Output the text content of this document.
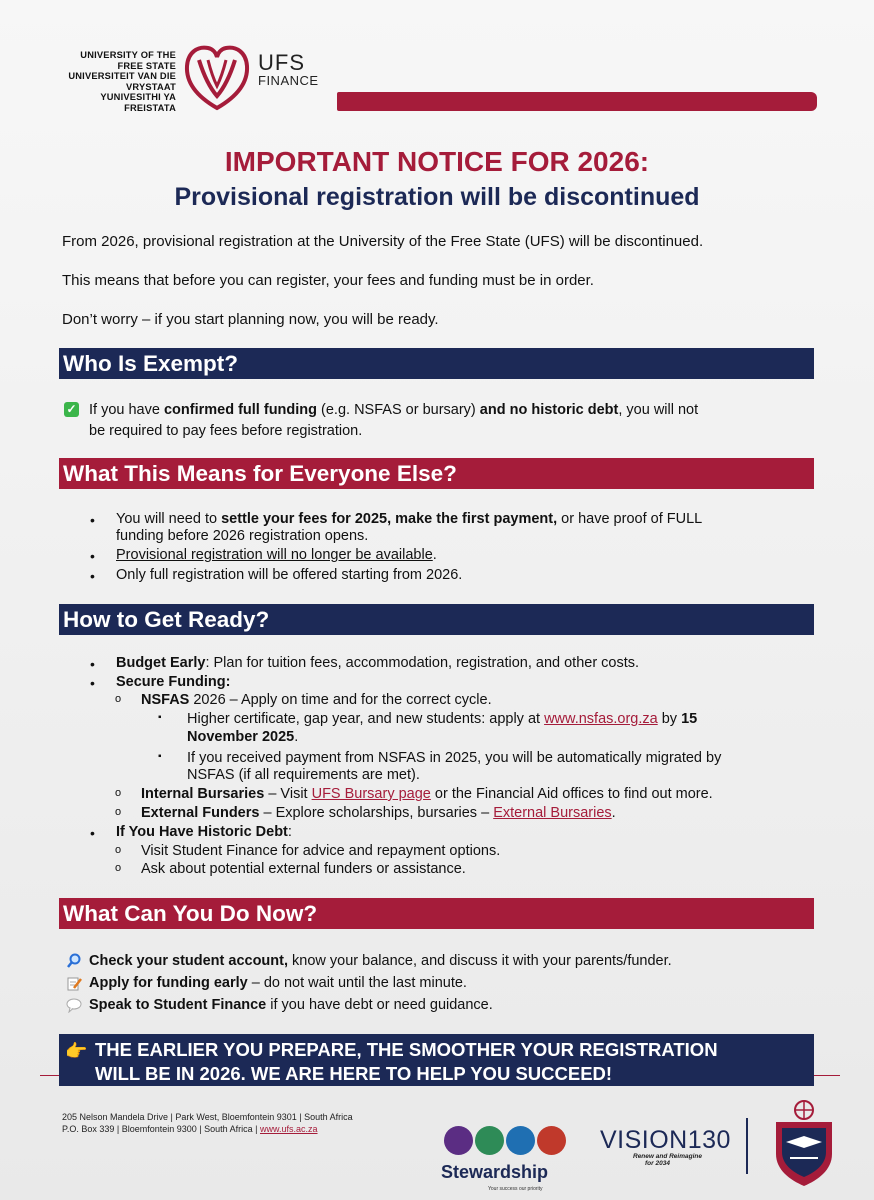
UNIVERSITY OF THE
FREE STATE
UNIVERSITEIT VAN DIE
VRYSTAAT
YUNIVESITHI YA
FREISTATA
UFS
FINANCE
IMPORTANT NOTICE FOR 2026:
Provisional registration will be discontinued
From 2026, provisional registration at the University of the Free State (UFS) will be discontinued.
This means that before you can register, your fees and funding must be in order.
Don’t worry – if you start planning now, you will be ready.
Who Is Exempt?
✓ If you have confirmed full funding (e.g. NSFAS or bursary) and no historic debt, you will not
be required to pay fees before registration.
What This Means for Everyone Else?
• You will need to settle your fees for 2025, make the first payment, or have proof of FULL
funding before 2026 registration opens.
• Provisional registration will no longer be available.
• Only full registration will be offered starting from 2026.
How to Get Ready?
• Budget Early: Plan for tuition fees, accommodation, registration, and other costs.
• Secure Funding:
o NSFAS 2026 – Apply on time and for the correct cycle.
▪ Higher certificate, gap year, and new students: apply at www.nsfas.org.za by 15
November 2025.
▪ If you received payment from NSFAS in 2025, you will be automatically migrated by
NSFAS (if all requirements are met).
o Internal Bursaries – Visit UFS Bursary page or the Financial Aid offices to find out more.
o External Funders – Explore scholarships, bursaries – External Bursaries.
• If You Have Historic Debt:
o Visit Student Finance for advice and repayment options.
o Ask about potential external funders or assistance.
What Can You Do Now?
Check your student account, know your balance, and discuss it with your parents/funder.
Apply for funding early – do not wait until the last minute.
Speak to Student Finance if you have debt or need guidance.
👉 THE EARLIER YOU PREPARE, THE SMOOTHER YOUR REGISTRATION
WILL BE IN 2026. WE ARE HERE TO HELP YOU SUCCEED!
205 Nelson Mandela Drive | Park West, Bloemfontein 9301 | South Africa
P.O. Box 339 | Bloemfontein 9300 | South Africa | www.ufs.ac.za
Stewardship
Your success our priority
VISION130
Renew and Reimagine
for 2034
